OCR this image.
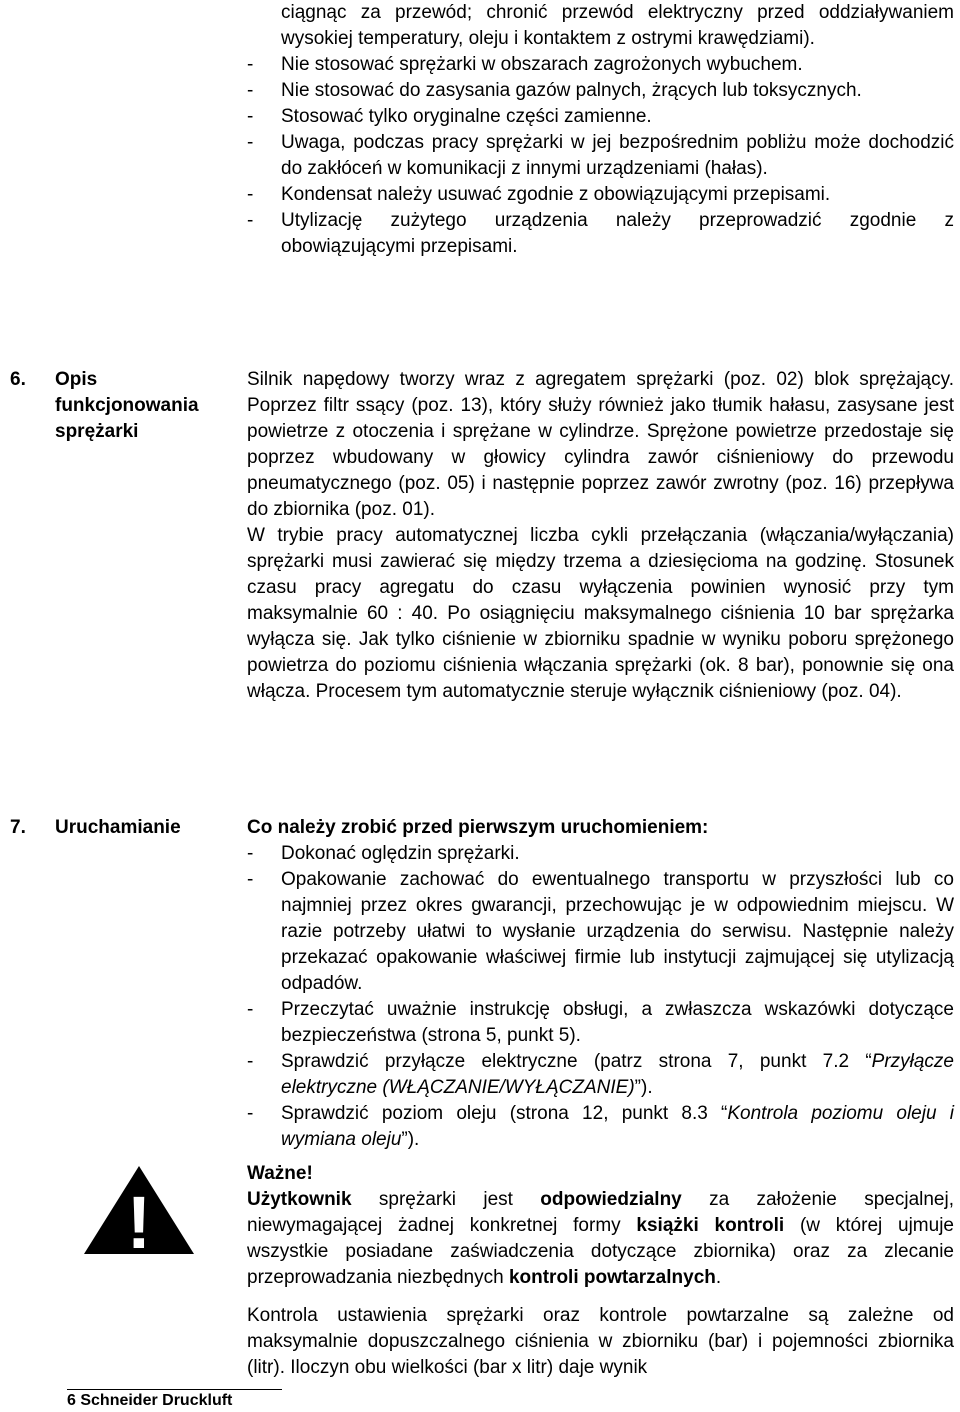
ciągnąc za przewód; chronić przewód elektryczny przed oddziaływaniem wysokiej temperatury, oleju i kontaktem z ostrymi krawędziami).

- Nie stosować sprężarki w obszarach zagrożonych wybuchem.

- Nie stosować do zasysania gazów palnych, żrących lub toksycznych.

- Stosować tylko oryginalne części zamienne.

- Uwaga, podczas pracy sprężarki w jej bezpośrednim pobliżu może dochodzić do zakłóceń w komunikacji z innymi urządzeniami (hałas).

- Kondensat należy usuwać zgodnie z obowiązującymi przepisami.

- Utylizację zużytego urządzenia należy przeprowadzić zgodnie z obowiązującymi przepisami.

6. Opis
funkcjonowania
sprężarki

Silnik napędowy tworzy wraz z agregatem sprężarki (poz. 02) blok sprężający. Poprzez filtr ssący (poz. 13), który służy również jako tłumik hałasu, zasysane jest powietrze z otoczenia i sprężane w cylindrze. Sprężone powietrze przedostaje się poprzez wbudowany w głowicy cylindra zawór ciśnieniowy do przewodu pneumatycznego (poz. 05) i następnie poprzez zawór zwrotny (poz. 16) przepływa do zbiornika (poz. 01).

W trybie pracy automatycznej liczba cykli przełączania (włączania/wyłączania) sprężarki musi zawierać się między trzema a dziesięcioma na godzinę. Stosunek czasu pracy agregatu do czasu wyłączenia powinien wynosić przy tym maksymalnie 60 : 40. Po osiągnięciu maksymalnego ciśnienia 10 bar sprężarka wyłącza się. Jak tylko ciśnienie w zbiorniku spadnie w wyniku poboru sprężonego powietrza do poziomu ciśnienia włączania sprężarki (ok. 8 bar), ponownie się ona włącza. Procesem tym automatycznie steruje wyłącznik ciśnieniowy (poz. 04).

7. Uruchamianie	Co należy zrobić przed pierwszym uruchomieniem:

- Dokonać oględzin sprężarki.

- Opakowanie zachować do ewentualnego transportu w przyszłości lub co najmniej przez okres gwarancji, przechowując je w odpowiednim miejscu. W razie potrzeby ułatwi to wysłanie urządzenia do serwisu. Następnie należy przekazać opakowanie właściwej firmie lub instytucji zajmującej się utylizacją odpadów.

- Przeczytać uważnie instrukcję obsługi, a zwłaszcza wskazówki dotyczące bezpieczeństwa (strona 5, punkt 5).

- Sprawdzić przyłącze elektryczne (patrz strona 7, punkt 7.2 “Przyłącze elektryczne (WŁĄCZANIE/WYŁĄCZANIE)”).

- Sprawdzić poziom oleju (strona 12, punkt 8.3 “Kontrola poziomu oleju i wymiana oleju”).

!

Ważne!

Użytkownik sprężarki jest odpowiedzialny za założenie specjalnej, niewymagającej żadnej konkretnej formy książki kontroli (w której ujmuje wszystkie posiadane zaświadczenia dotyczące zbiornika) oraz za zlecanie przeprowadzania niezbędnych kontroli powtarzalnych.

Kontrola ustawienia sprężarki oraz kontrole powtarzalne są zależne od maksymalnie dopuszczalnego ciśnienia w zbiorniku (bar) i pojemności zbiornika (litr). Iloczyn obu wielkości (bar x litr) daje wynik

6 Schneider Druckluft
